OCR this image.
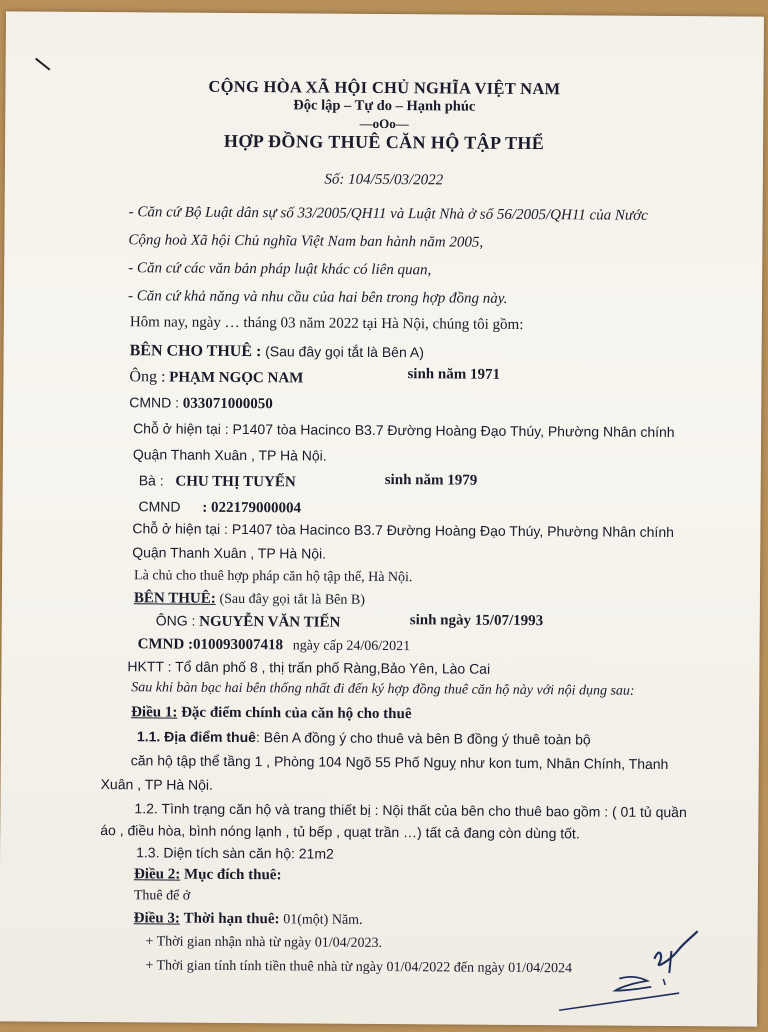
CỘNG HÒA XÃ HỘI CHỦ NGHĨA VIỆT NAM
Độc lập – Tự do – Hạnh phúc
—oOo—
HỢP ĐỒNG THUÊ CĂN HỘ TẬP THỂ
Số: 104/55/03/2022
- Căn cứ Bộ Luật dân sự số 33/2005/QH11 và Luật Nhà ở số 56/2005/QH11 của Nước
Cộng hoà Xã hội Chủ nghĩa Việt Nam ban hành năm 2005,
- Căn cứ các văn bản pháp luật khác có liên quan,
- Căn cứ khả năng và nhu cầu của hai bên trong hợp đồng này.
Hôm nay, ngày … tháng 03 năm 2022 tại Hà Nội, chúng tôi gồm:
BÊN CHO THUÊ : (Sau đây gọi tắt là Bên A)
Ông : PHẠM NGỌC NAM	sinh năm 1971
CMND : 033071000050
Chỗ ở hiện tại : P1407 tòa Hacinco B3.7 Đường Hoàng Đạo Thúy, Phường Nhân chính
Quận Thanh Xuân , TP Hà Nội.
Bà : CHU THỊ TUYẾN	sinh năm 1979
CMND : 022179000004
Chỗ ở hiện tại : P1407 tòa Hacinco B3.7 Đường Hoàng Đạo Thúy, Phường Nhân chính
Quận Thanh Xuân , TP Hà Nội.
Là chủ cho thuê hợp pháp căn hộ tập thể, Hà Nội.
BÊN THUÊ: (Sau đây gọi tắt là Bên B)
ÔNG : NGUYỄN VĂN TIẾN	sinh ngày 15/07/1993
CMND :010093007418 ngày cấp 24/06/2021
HKTT : Tổ dân phố 8 , thị trấn phố Ràng,Bảo Yên, Lào Cai
Sau khi bàn bạc hai bên thống nhất đi đến ký hợp đồng thuê căn hộ này với nội dụng sau:
Điều 1: Đặc điểm chính của căn hộ cho thuê
1.1. Địa điểm thuê: Bên A đồng ý cho thuê và bên B đồng ý thuê toàn bộ
căn hộ tập thể tầng 1 , Phòng 104 Ngõ 55 Phố Nguỵ như kon tum, Nhân Chính, Thanh
Xuân , TP Hà Nội.
1.2. Tình trạng căn hộ và trang thiết bị : Nội thất của bên cho thuê bao gồm : ( 01 tủ quần
áo , điều hòa, bình nóng lạnh , tủ bếp , quạt trần …) tất cả đang còn dùng tốt.
1.3. Diện tích sàn căn hộ: 21m2
Điều 2: Mục đích thuê:
Thuê để ở
Điều 3: Thời hạn thuê: 01(một) Năm.
+ Thời gian nhận nhà từ ngày 01/04/2023.
+ Thời gian tính tính tiền thuê nhà từ ngày 01/04/2022 đến ngày 01/04/2024
